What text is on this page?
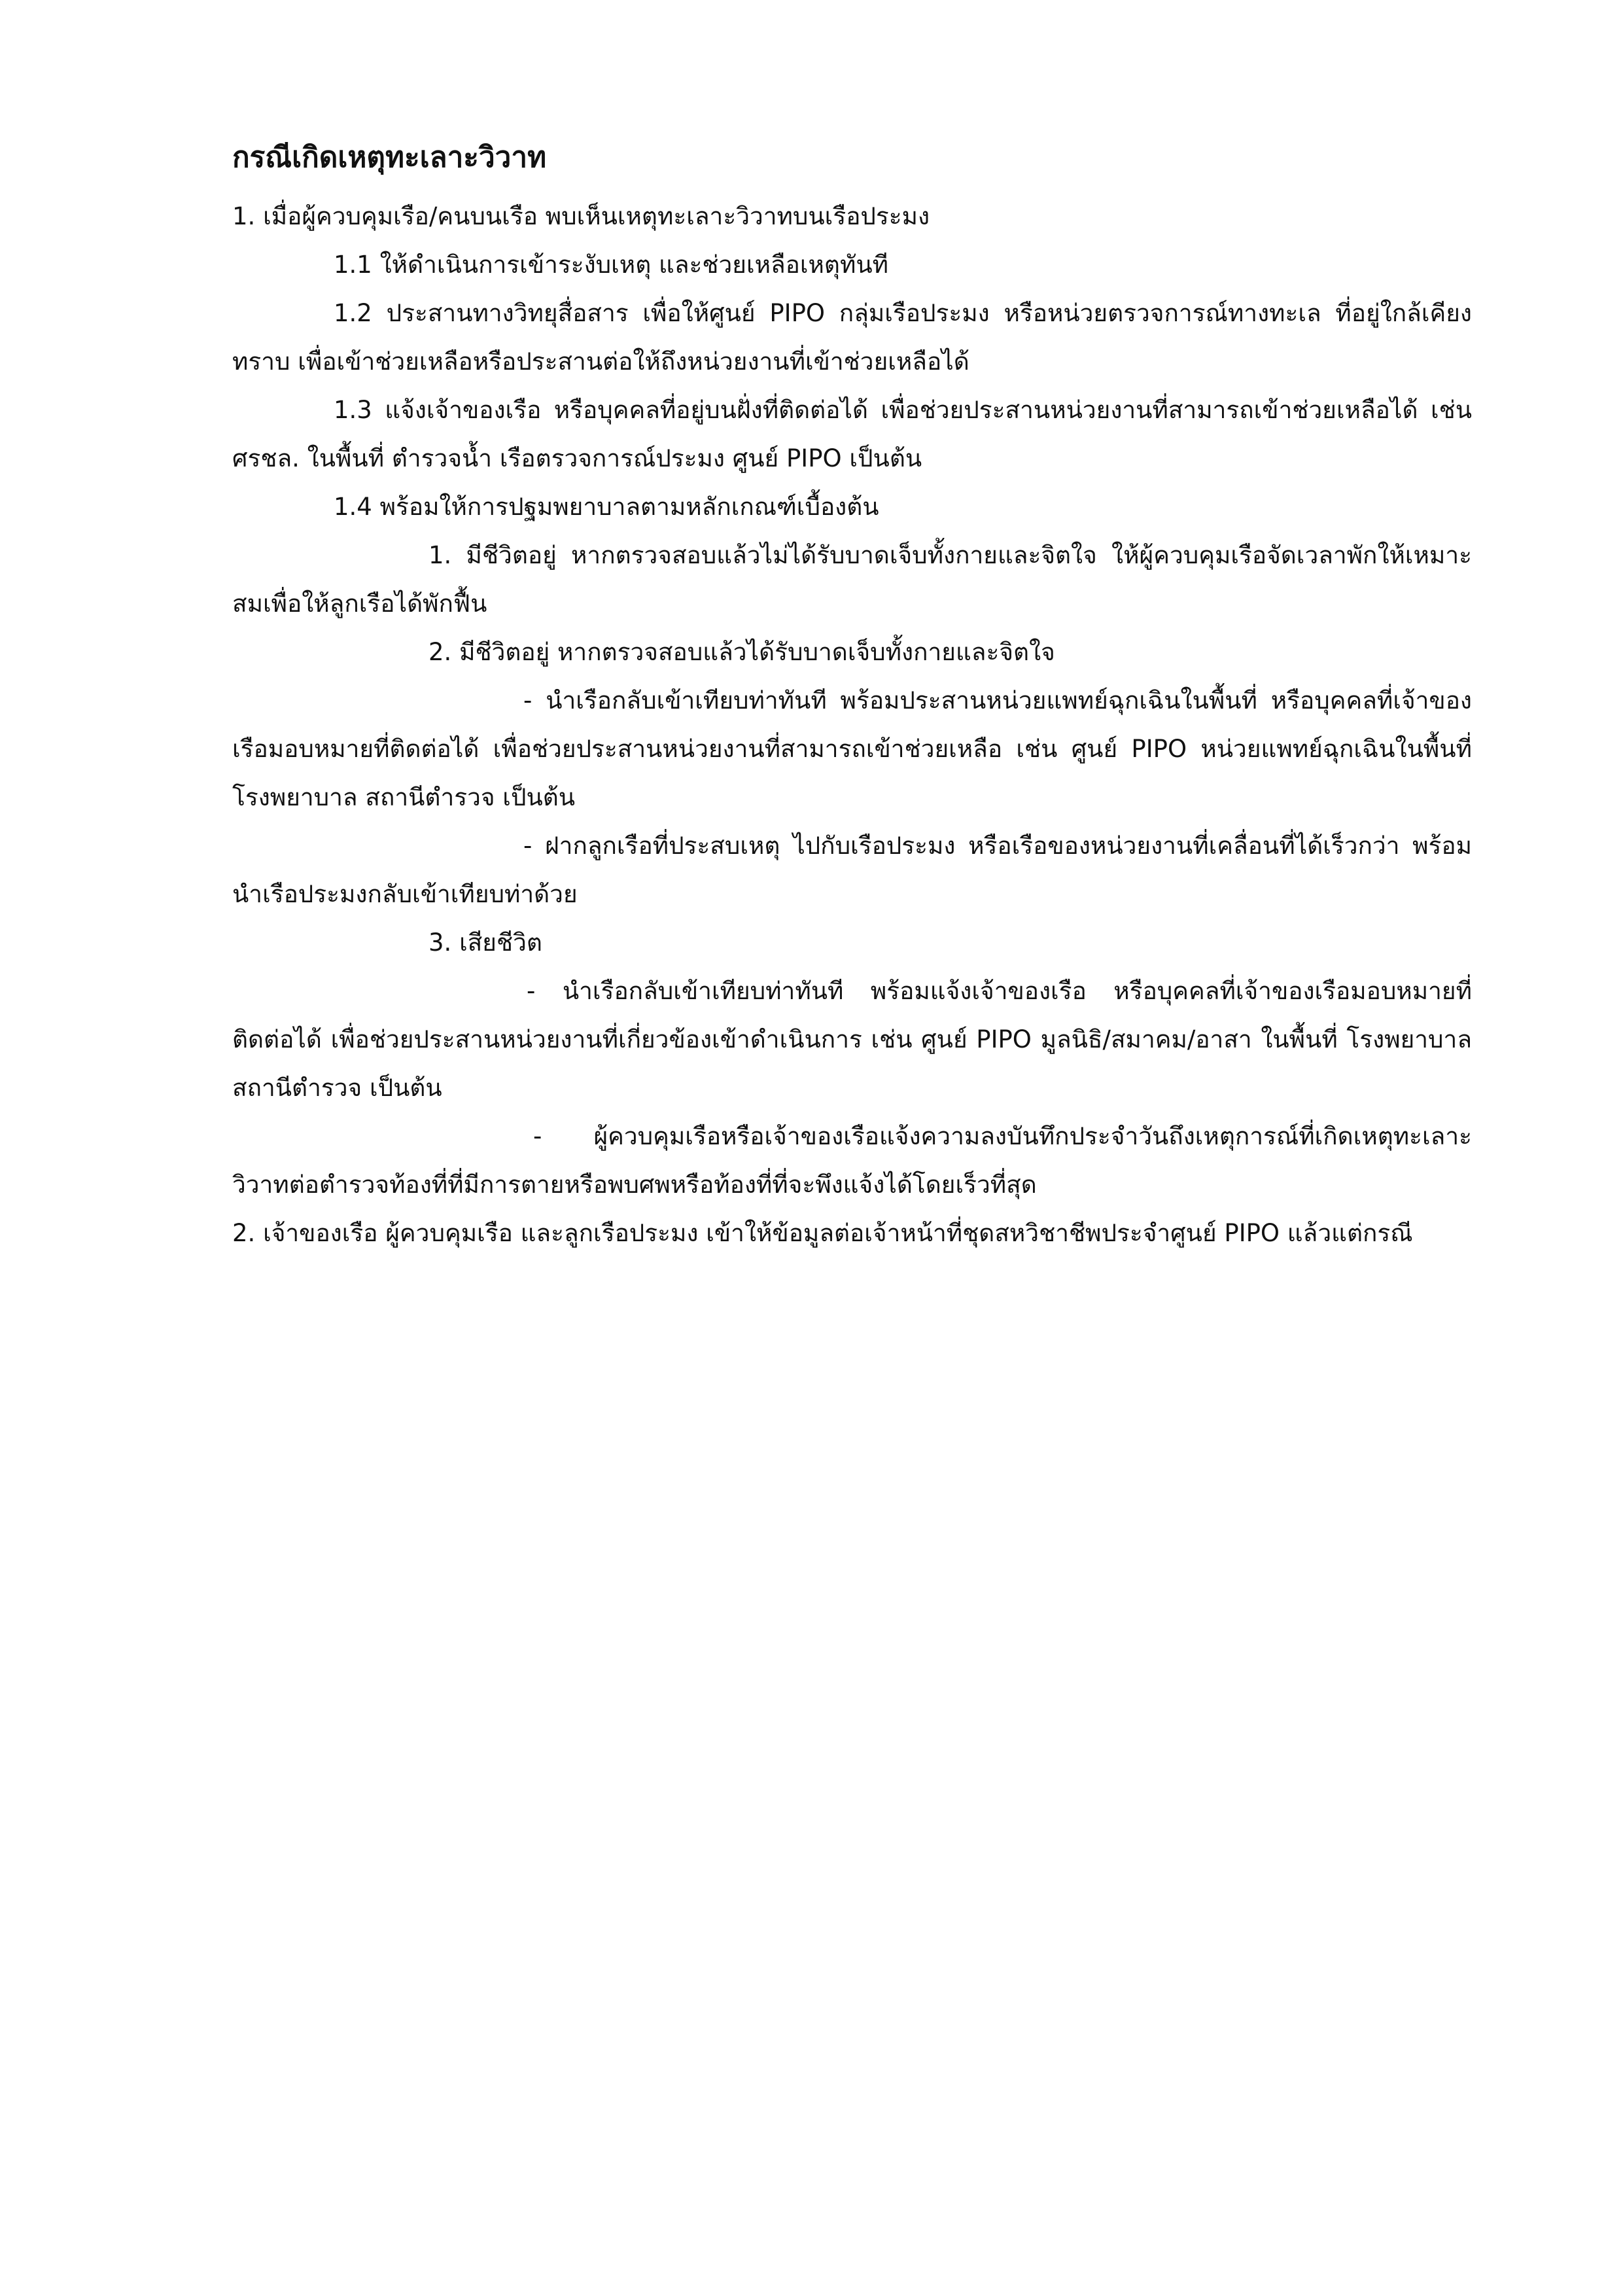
กรณีเกิดเหตุทะเลาะวิวาท

1. เมื่อผู้ควบคุมเรือ/คนบนเรือ พบเห็นเหตุทะเลาะวิวาทบนเรือประมง

1.1 ให้ดำเนินการเข้าระงับเหตุ และช่วยเหลือเหตุทันที

1.2 ประสานทางวิทยุสื่อสาร เพื่อให้ศูนย์ PIPO กลุ่มเรือประมง หรือหน่วยตรวจการณ์ทางทะเล ที่อยู่ใกล้เคียงทราบ เพื่อเข้าช่วยเหลือหรือประสานต่อให้ถึงหน่วยงานที่เข้าช่วยเหลือได้

1.3 แจ้งเจ้าของเรือ หรือบุคคลที่อยู่บนฝั่งที่ติดต่อได้ เพื่อช่วยประสานหน่วยงานที่สามารถเข้าช่วยเหลือได้ เช่น ศรชล. ในพื้นที่ ตำรวจน้ำ เรือตรวจการณ์ประมง ศูนย์ PIPO เป็นต้น

1.4 พร้อมให้การปฐมพยาบาลตามหลักเกณฑ์เบื้องต้น

1. มีชีวิตอยู่ หากตรวจสอบแล้วไม่ได้รับบาดเจ็บทั้งกายและจิตใจ ให้ผู้ควบคุมเรือจัดเวลาพักให้เหมาะสมเพื่อให้ลูกเรือได้พักฟื้น

2. มีชีวิตอยู่ หากตรวจสอบแล้วได้รับบาดเจ็บทั้งกายและจิตใจ

- นำเรือกลับเข้าเทียบท่าทันที พร้อมประสานหน่วยแพทย์ฉุกเฉินในพื้นที่ หรือบุคคลที่เจ้าของเรือมอบหมายที่ติดต่อได้ เพื่อช่วยประสานหน่วยงานที่สามารถเข้าช่วยเหลือ เช่น ศูนย์ PIPO หน่วยแพทย์ฉุกเฉินในพื้นที่ โรงพยาบาล สถานีตำรวจ เป็นต้น

- ฝากลูกเรือที่ประสบเหตุ ไปกับเรือประมง หรือเรือของหน่วยงานที่เคลื่อนที่ได้เร็วกว่า พร้อมนำเรือประมงกลับเข้าเทียบท่าด้วย

3. เสียชีวิต

- นำเรือกลับเข้าเทียบท่าทันที พร้อมแจ้งเจ้าของเรือ หรือบุคคลที่เจ้าของเรือมอบหมายที่ติดต่อได้ เพื่อช่วยประสานหน่วยงานที่เกี่ยวข้องเข้าดำเนินการ เช่น ศูนย์ PIPO มูลนิธิ/สมาคม/อาสา ในพื้นที่ โรงพยาบาล สถานีตำรวจ เป็นต้น

- ผู้ควบคุมเรือหรือเจ้าของเรือแจ้งความลงบันทึกประจำวันถึงเหตุการณ์ที่เกิดเหตุทะเลาะวิวาทต่อตำรวจท้องที่ที่มีการตายหรือพบศพหรือท้องที่ที่จะพึงแจ้งได้โดยเร็วที่สุด

2. เจ้าของเรือ ผู้ควบคุมเรือ และลูกเรือประมง เข้าให้ข้อมูลต่อเจ้าหน้าที่ชุดสหวิชาชีพประจำศูนย์ PIPO แล้วแต่กรณี
